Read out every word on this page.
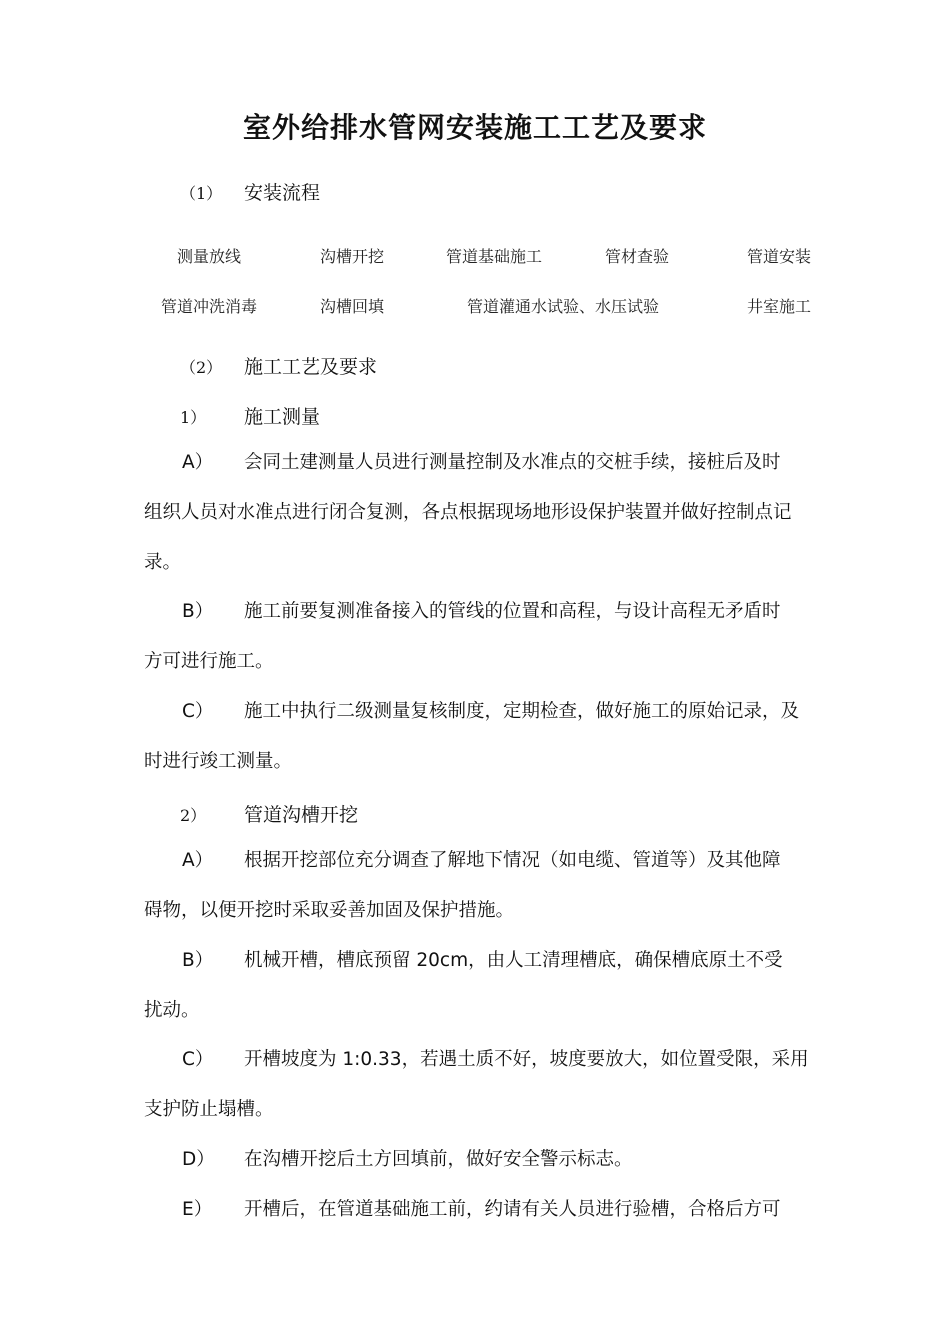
室外给排水管网安装施工工艺及要求
（1） 安装流程
测量放线	沟槽开挖	管道基础施工	管材查验	管道安装
管道冲洗消毒	沟槽回填	管道灌通水试验、水压试验	井室施工
（2） 施工工艺及要求
1） 施工测量
A） 会同土建测量人员进行测量控制及水准点的交桩手续，接桩后及时
组织人员对水准点进行闭合复测，各点根据现场地形设保护装置并做好控制点记
录。
B） 施工前要复测准备接入的管线的位置和高程，与设计高程无矛盾时
方可进行施工。
C） 施工中执行二级测量复核制度，定期检查，做好施工的原始记录，及
时进行竣工测量。
2） 管道沟槽开挖
A） 根据开挖部位充分调查了解地下情况（如电缆、管道等）及其他障
碍物，以便开挖时采取妥善加固及保护措施。
B） 机械开槽，槽底预留 20cm，由人工清理槽底，确保槽底原土不受
扰动。
C） 开槽坡度为 1:0.33，若遇土质不好，坡度要放大，如位置受限，采用
支护防止塌槽。
D） 在沟槽开挖后土方回填前，做好安全警示标志。
E） 开槽后，在管道基础施工前，约请有关人员进行验槽，合格后方可
